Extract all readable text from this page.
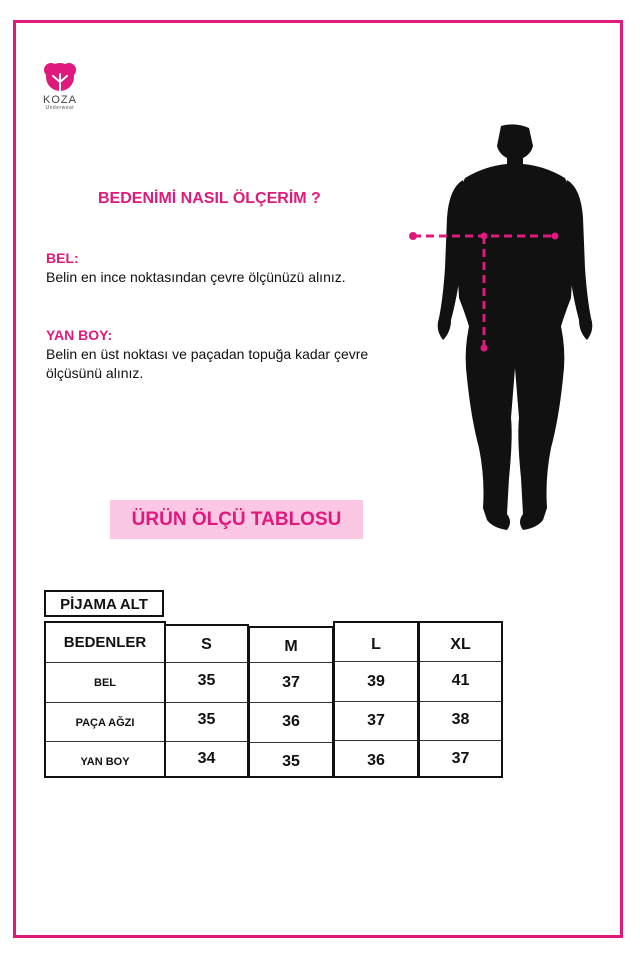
KOZA
Underwear
BEDENİMİ NASIL ÖLÇERİM ?
BEL:
Belin en ince noktasından çevre ölçünüzü alınız.
YAN BOY:
Belin en üst noktası ve paçadan topuğa kadar çevre ölçüsünü alınız.
ÜRÜN ÖLÇÜ TABLOSU
PİJAMA ALT
BEDENLER
BEL
PAÇA AĞZI
YAN BOY
S
35
35
34
M
37
36
35
L
39
37
36
XL
41
38
37
